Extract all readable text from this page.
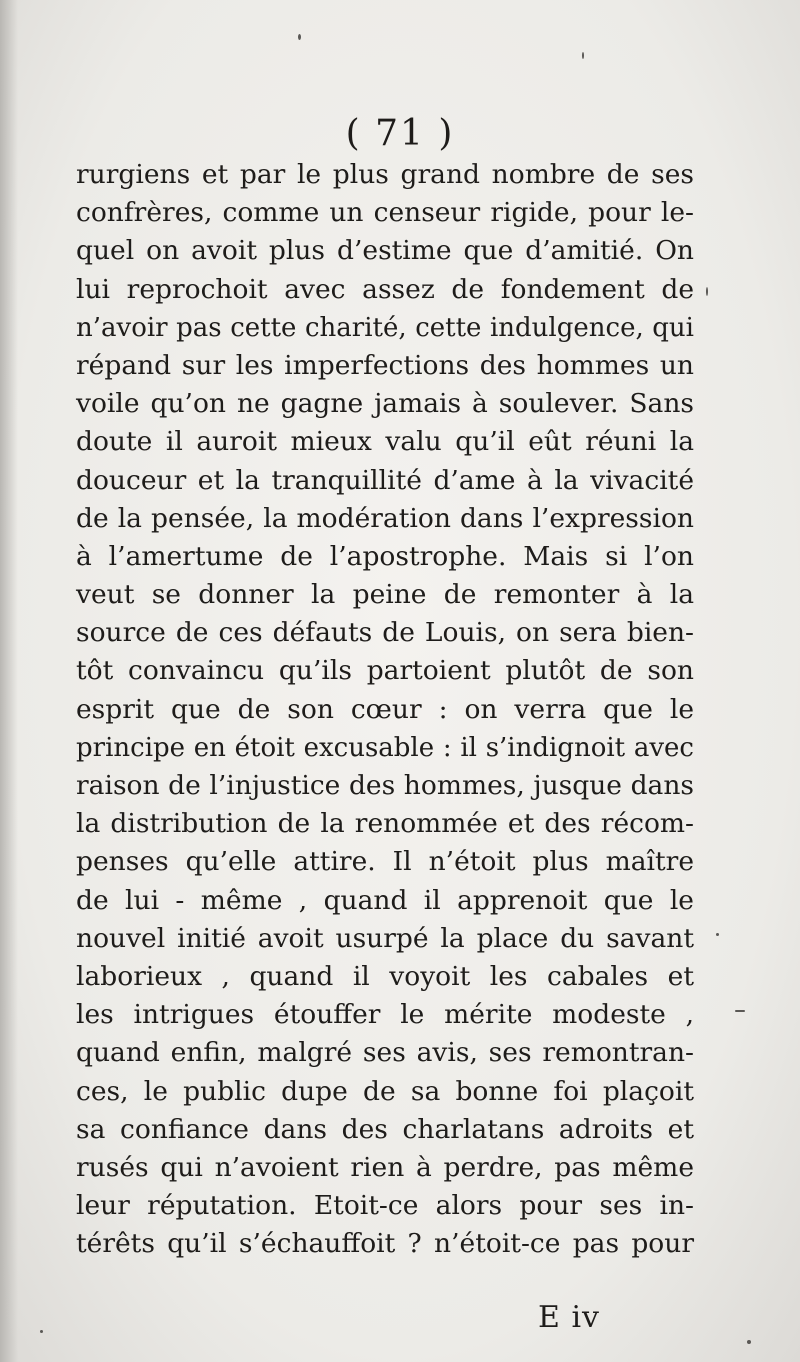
( 71 )
rurgiens et par le plus grand nombre de ses
confrères, comme un censeur rigide, pour le-
quel on avoit plus d’estime que d’amitié. On
lui reprochoit avec assez de fondement de
n’avoir pas cette charité, cette indulgence, qui
répand sur les imperfections des hommes un
voile qu’on ne gagne jamais à soulever. Sans
doute il auroit mieux valu qu’il eût réuni la
douceur et la tranquillité d’ame à la vivacité
de la pensée, la modération dans l’expression
à l’amertume de l’apostrophe. Mais si l’on
veut se donner la peine de remonter à la
source de ces défauts de Louis, on sera bien-
tôt convaincu qu’ils partoient plutôt de son
esprit que de son cœur : on verra que le
principe en étoit excusable : il s’indignoit avec
raison de l’injustice des hommes, jusque dans
la distribution de la renommée et des récom-
penses qu’elle attire. Il n’étoit plus maître
de lui - même , quand il apprenoit que le
nouvel initié avoit usurpé la place du savant
laborieux , quand il voyoit les cabales et
les intrigues étouffer le mérite modeste ,
quand enfin, malgré ses avis, ses remontran-
ces, le public dupe de sa bonne foi plaçoit
sa confiance dans des charlatans adroits et
rusés qui n’avoient rien à perdre, pas même
leur réputation. Etoit-ce alors pour ses in-
térêts qu’il s’échauffoit ? n’étoit-ce pas pour
E iv
